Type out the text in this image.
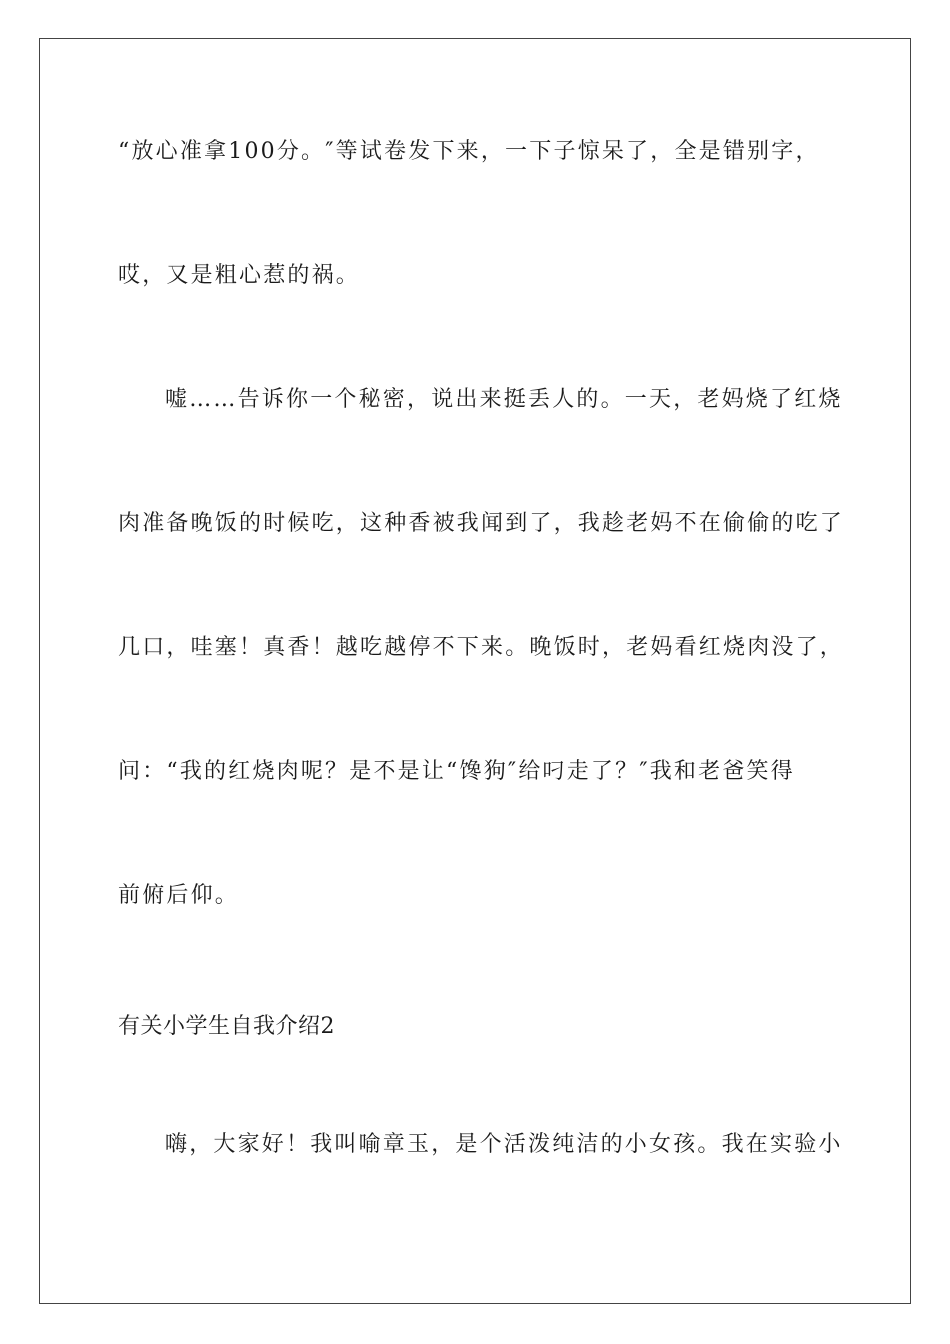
“放心准拿100分。″等试卷发下来，一下子惊呆了，全是错别字，

哎，又是粗心惹的祸。

嘘……告诉你一个秘密，说出来挺丢人的。一天，老妈烧了红烧

肉准备晚饭的时候吃，这种香被我闻到了，我趁老妈不在偷偷的吃了

几口，哇塞！真香！越吃越停不下来。晚饭时，老妈看红烧肉没了，

问：“我的红烧肉呢？是不是让“馋狗″给叼走了？″我和老爸笑得

前俯后仰。

有关小学生自我介绍2

嗨，大家好！我叫喻章玉，是个活泼纯洁的小女孩。我在实验小
